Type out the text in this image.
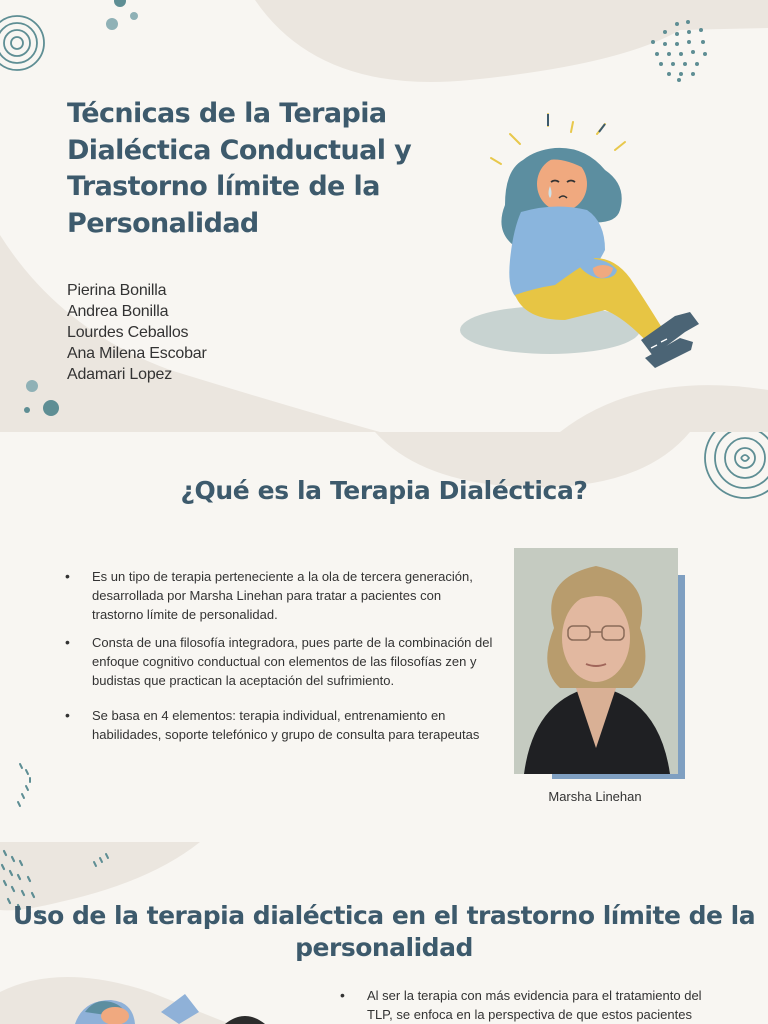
Técnicas de la Terapia Dialéctica Conductual y Trastorno límite de la Personalidad
Pierina Bonilla
Andrea Bonilla
Lourdes Ceballos
Ana Milena Escobar
Adamari Lopez
¿Qué es la Terapia Dialéctica?
• Es un tipo de terapia perteneciente a la ola de tercera generación, desarrollada por Marsha Linehan para tratar a pacientes con trastorno límite de personalidad.
• Consta de una filosofía integradora, pues parte de la combinación del enfoque cognitivo conductual con elementos de las filosofías zen y budistas que practican la aceptación del sufrimiento.
• Se basa en 4 elementos: terapia individual, entrenamiento en habilidades, soporte telefónico y grupo de consulta para terapeutas
Marsha Linehan
Uso de la terapia dialéctica en el trastorno límite de la personalidad
• Al ser la terapia con más evidencia para el tratamiento del TLP, se enfoca en la perspectiva de que estos pacientes
